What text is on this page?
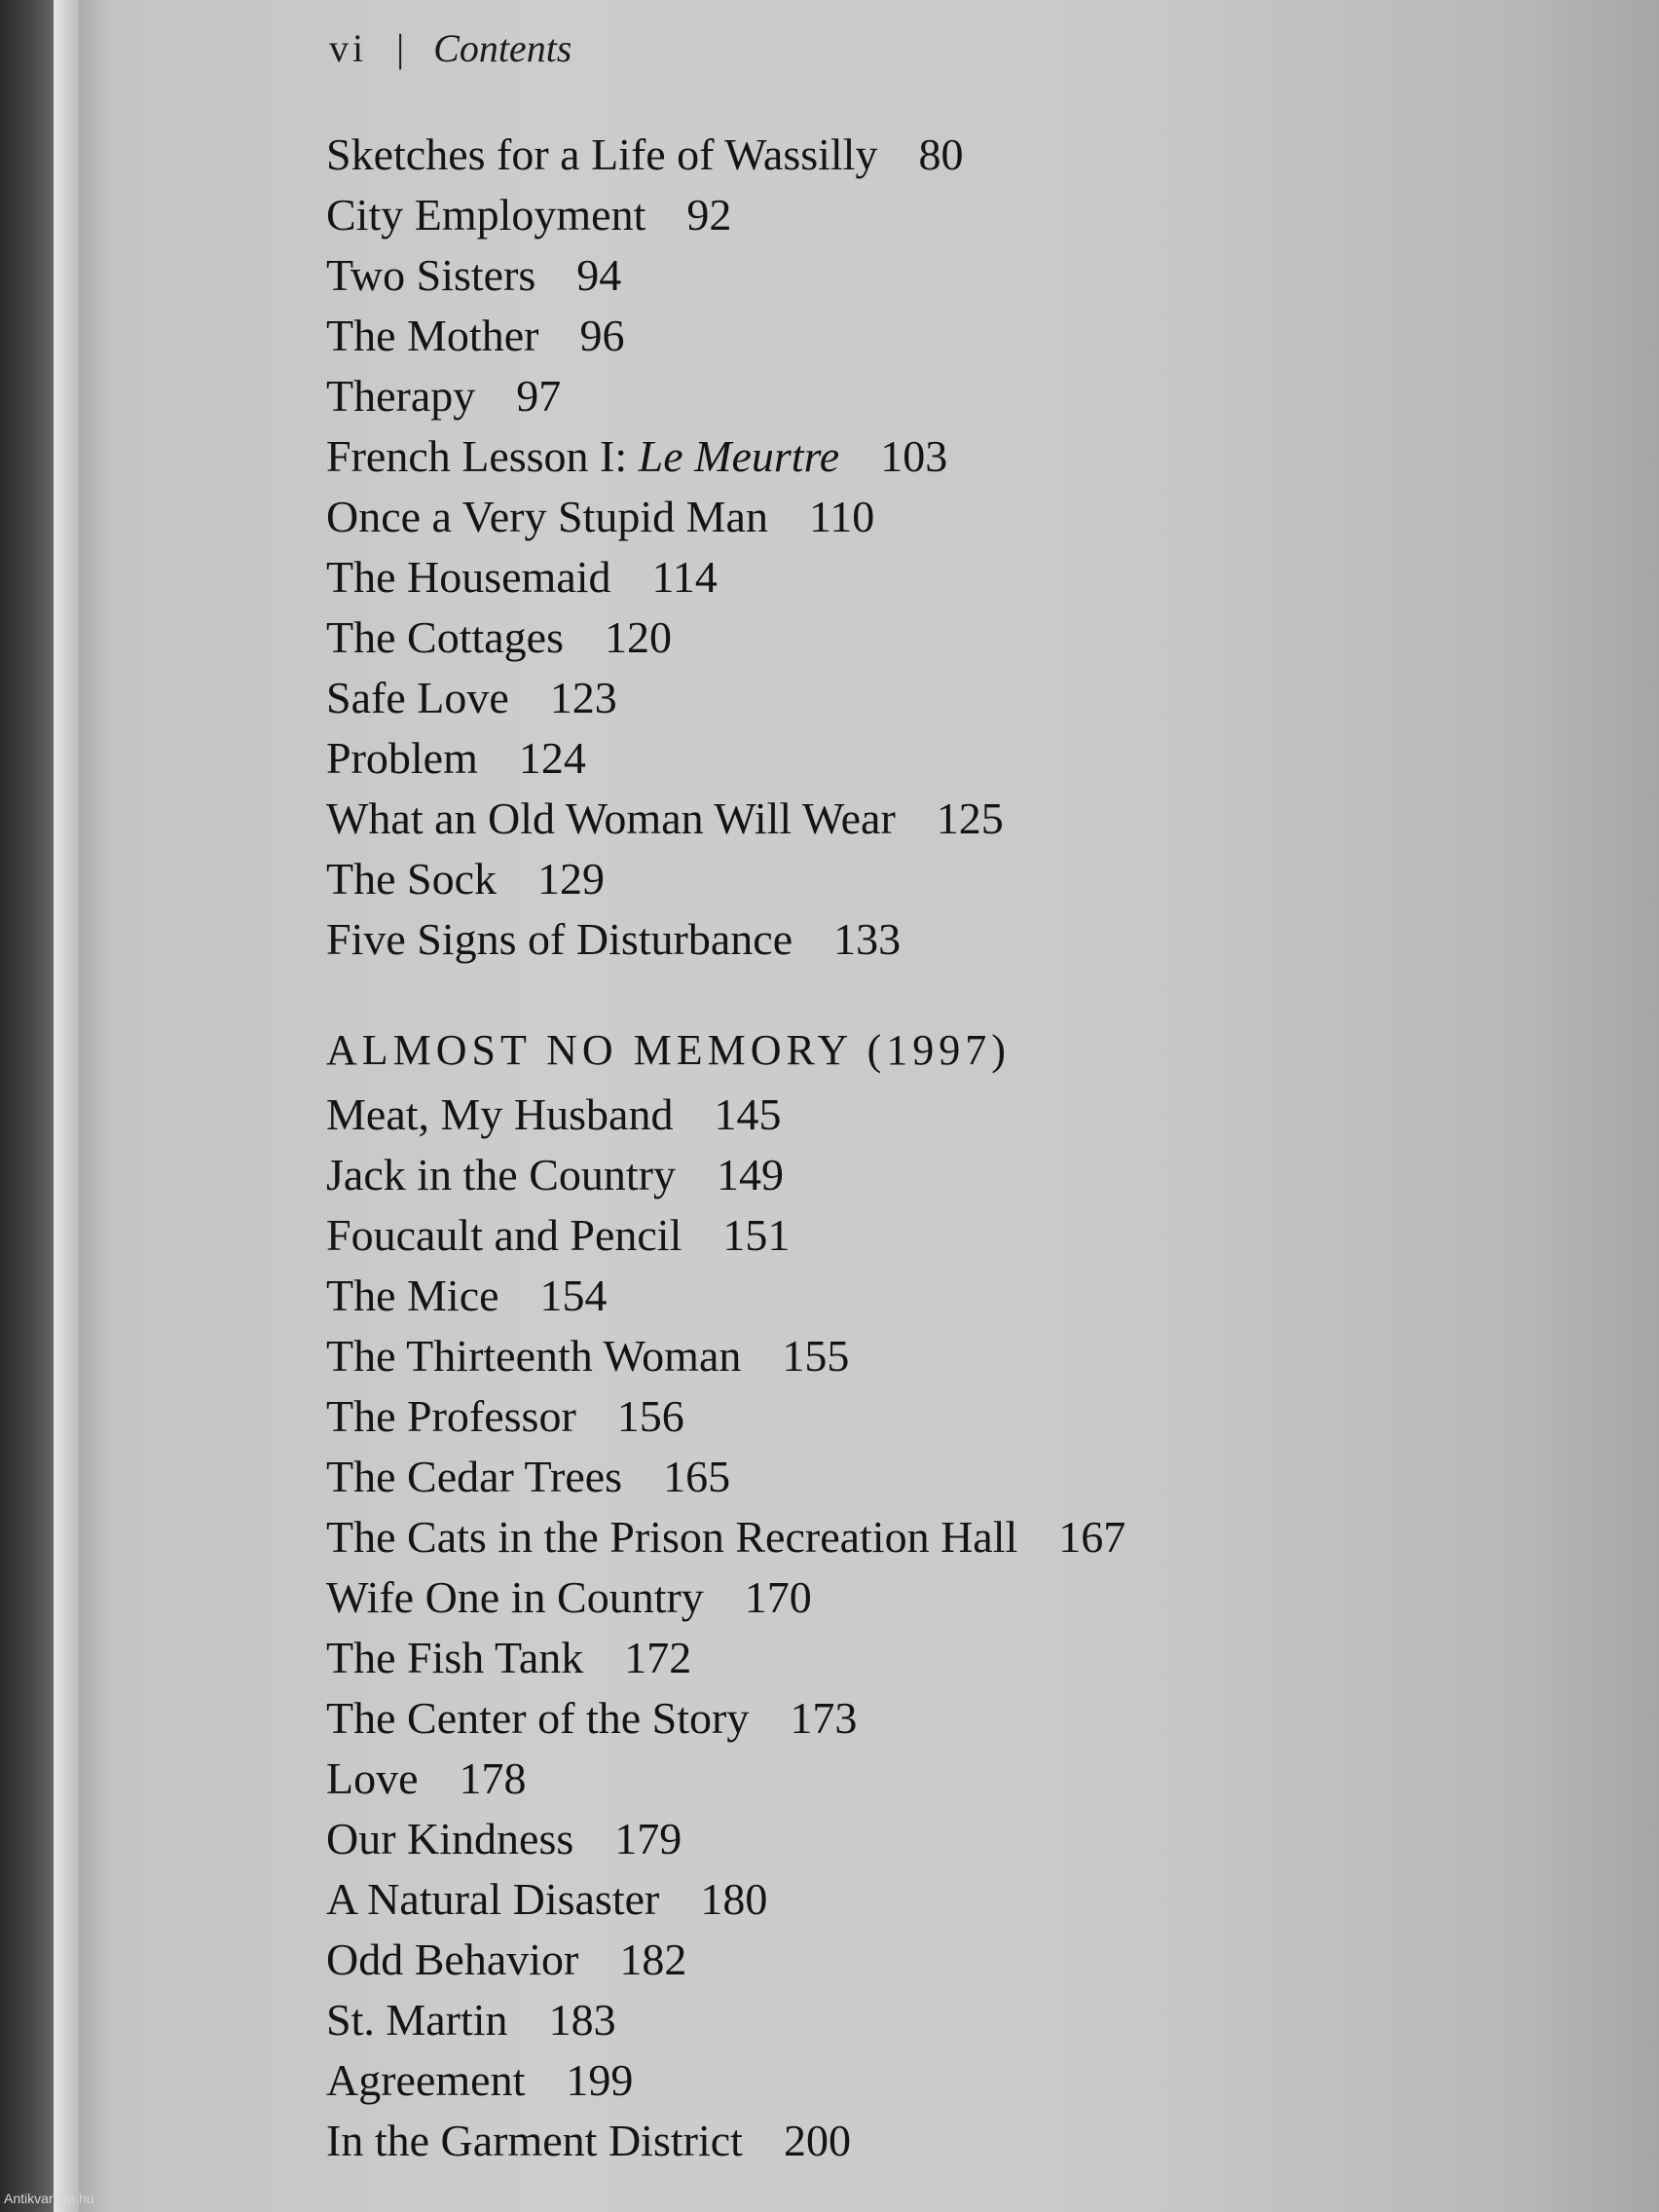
vi | Contents
Sketches for a Life of Wassilly 80
City Employment 92
Two Sisters 94
The Mother 96
Therapy 97
French Lesson I: Le Meurtre 103
Once a Very Stupid Man 110
The Housemaid 114
The Cottages 120
Safe Love 123
Problem 124
What an Old Woman Will Wear 125
The Sock 129
Five Signs of Disturbance 133
ALMOST NO MEMORY (1997)
Meat, My Husband 145
Jack in the Country 149
Foucault and Pencil 151
The Mice 154
The Thirteenth Woman 155
The Professor 156
The Cedar Trees 165
The Cats in the Prison Recreation Hall 167
Wife One in Country 170
The Fish Tank 172
The Center of the Story 173
Love 178
Our Kindness 179
A Natural Disaster 180
Odd Behavior 182
St. Martin 183
Agreement 199
In the Garment District 200
Antikvarium.hu
